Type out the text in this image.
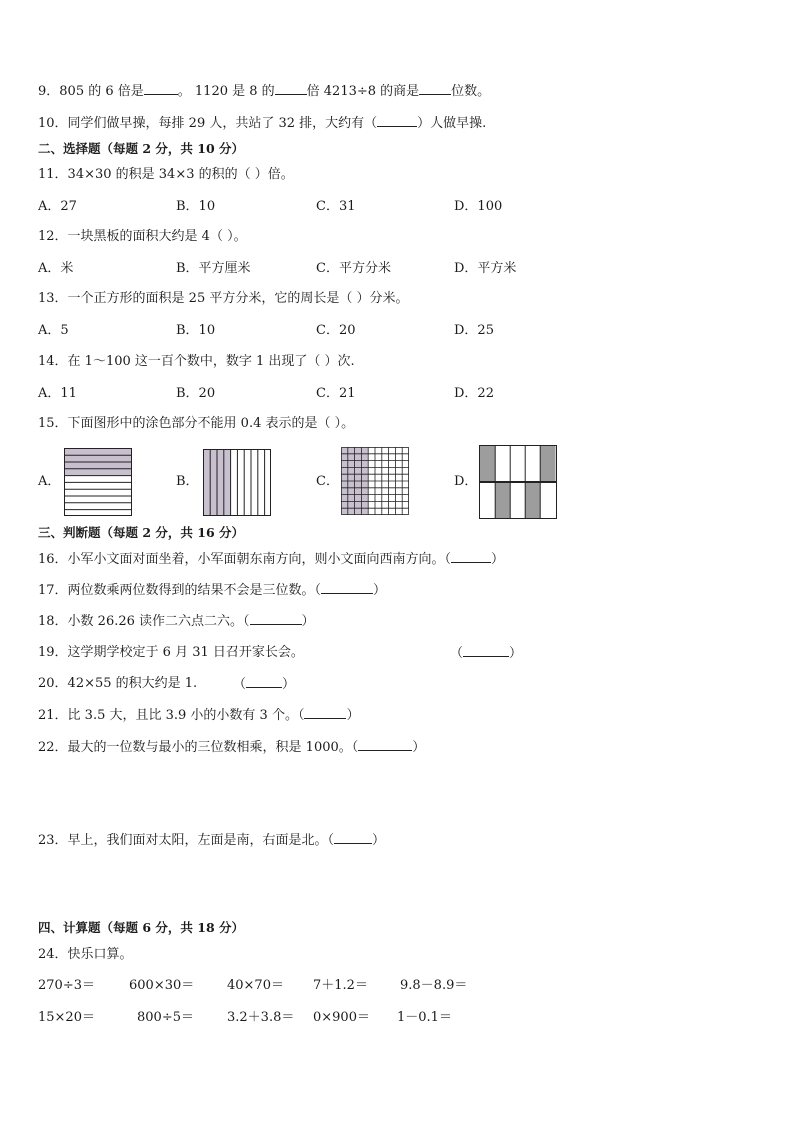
9．805 的 6 倍是	。 1120 是 8 的 倍 4213÷8 的商是 位数。
10．同学们做早操，每排 29 人，共站了 32 排，大约有（	）人做早操.
二、选择题（每题 2 分，共 10 分）
11．34×30 的积是 34×3 的积的（ ）倍。
A．27	B．10	C．31	D．100
12．一块黑板的面积大约是 4（ ）。
A．米	B．平方厘米	C．平方分米	D．平方米
13．一个正方形的面积是 25 平方分米，它的周长是（ ）分米。
A．5	B．10	C．20	D．25
14．在 1～100 这一百个数中，数字 1 出现了（ ）次.
A．11	B．20	C．21	D．22
15．下面图形中的涂色部分不能用 0.4 表示的是（ ）。
A．	B．	C．	D．
三、判断题（每题 2 分，共 16 分）
16．小军小文面对面坐着，小军面朝东南方向，则小文面向西南方向。（	）
17．两位数乘两位数得到的结果不会是三位数。（	）
18．小数 26.26 读作二六点二六。（	）
19．这学期学校定于 6 月 31 日召开家长会。	（	）
20．42×55 的积大约是 1.	（	）
21．比 3.5 大，且比 3.9 小的小数有 3 个。（	）
22．最大的一位数与最小的三位数相乘，积是 1000。（	）
23．早上，我们面对太阳，左面是南，右面是北。（	）
四、计算题（每题 6 分，共 18 分）
24．快乐口算。
270÷3＝	600×30＝	40×70＝ 7＋1.2＝ 9.8－8.9＝
15×20＝	800÷5＝	3.2＋3.8＝ 0×900＝ 1－0.1＝
